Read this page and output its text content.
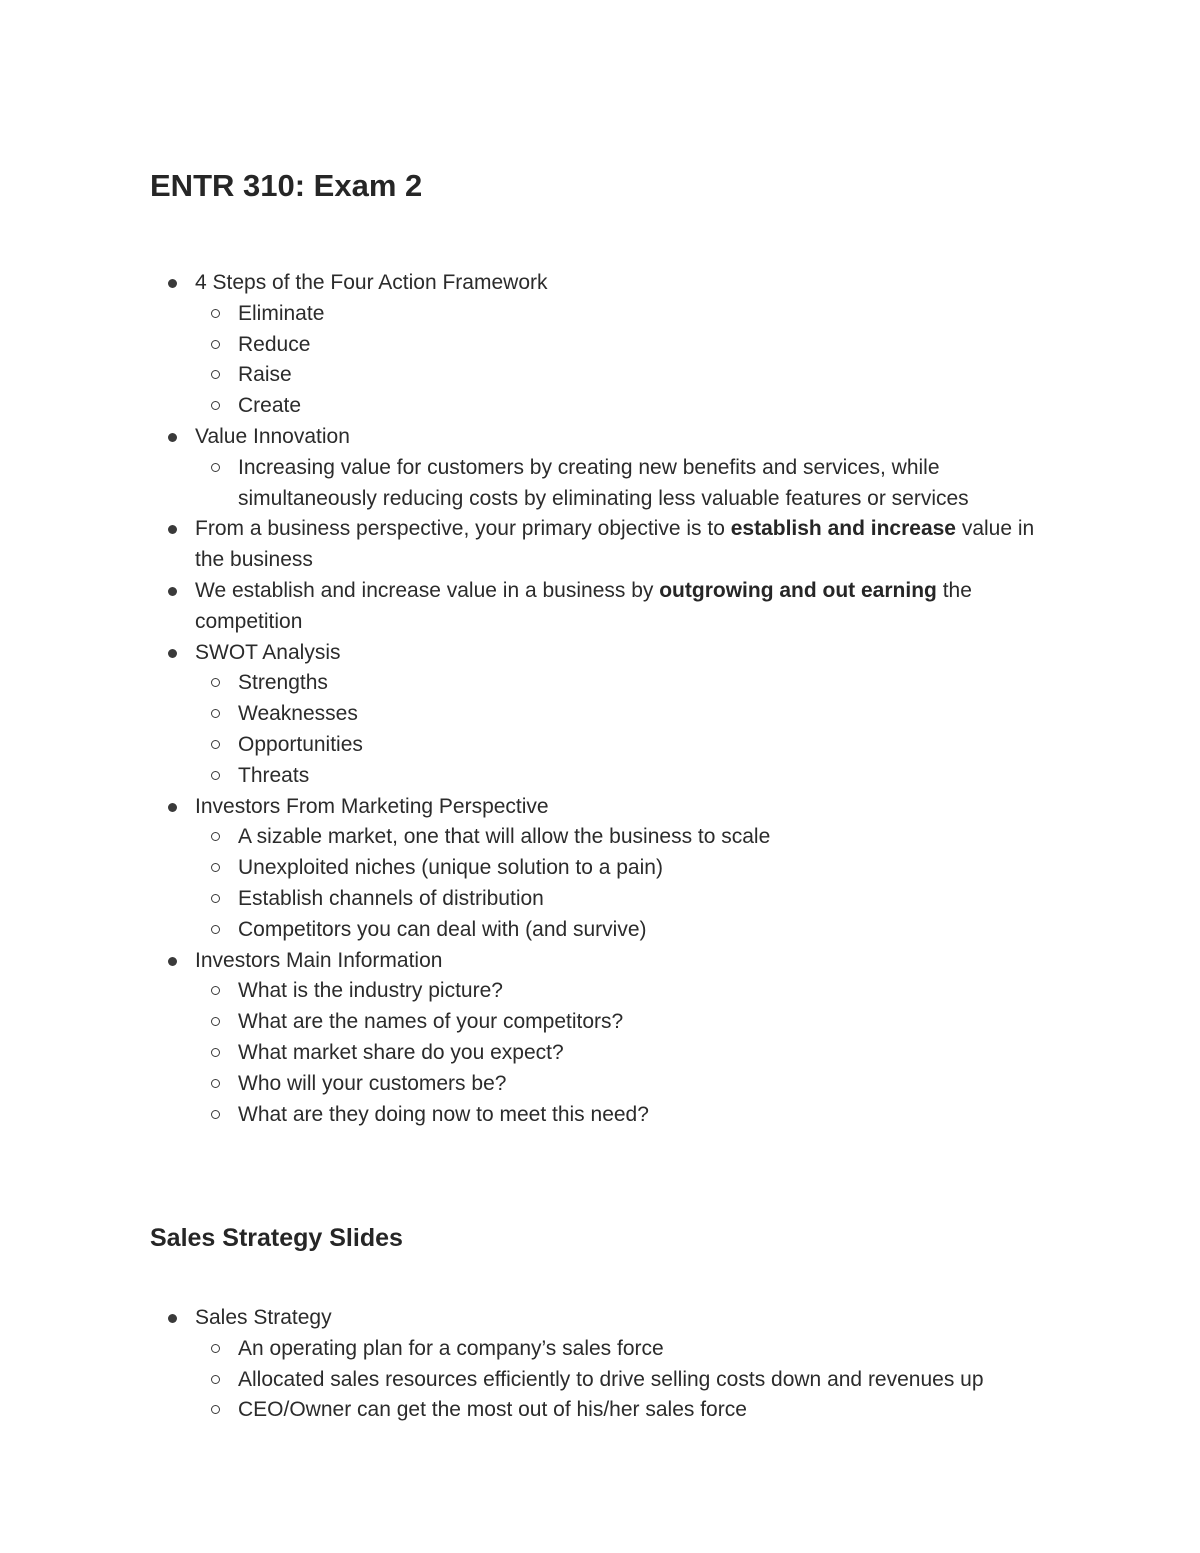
ENTR 310: Exam 2
4 Steps of the Four Action Framework
Eliminate
Reduce
Raise
Create
Value Innovation
Increasing value for customers by creating new benefits and services, while simultaneously reducing costs by eliminating less valuable features or services
From a business perspective, your primary objective is to establish and increase value in the business
We establish and increase value in a business by outgrowing and out earning the competition
SWOT Analysis
Strengths
Weaknesses
Opportunities
Threats
Investors From Marketing Perspective
A sizable market, one that will allow the business to scale
Unexploited niches (unique solution to a pain)
Establish channels of distribution
Competitors you can deal with (and survive)
Investors Main Information
What is the industry picture?
What are the names of your competitors?
What market share do you expect?
Who will your customers be?
What are they doing now to meet this need?
Sales Strategy Slides
Sales Strategy
An operating plan for a company’s sales force
Allocated sales resources efficiently to drive selling costs down and revenues up
CEO/Owner can get the most out of his/her sales force
